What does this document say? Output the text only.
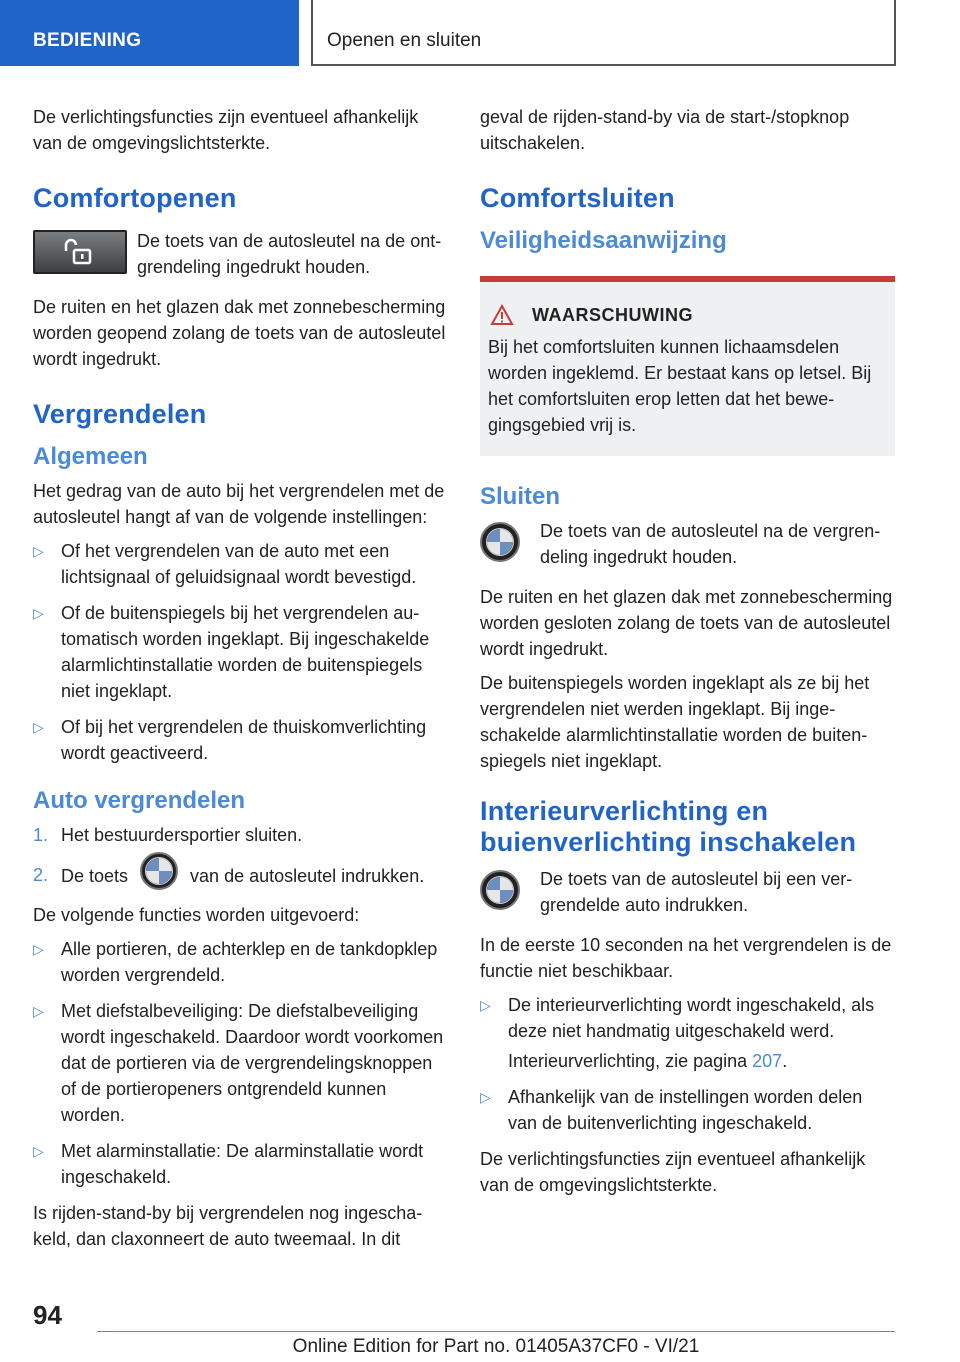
BEDIENING	Openen en sluiten

De verlichtingsfuncties zijn eventueel afhankelijk van de omgevingslichtsterkte.

Comfortopenen

De toets van de autosleutel na de ontgrendeling ingedrukt houden.

De ruiten en het glazen dak met zonnebescherming worden geopend zolang de toets van de autosleutel wordt ingedrukt.

Vergrendelen
Algemeen

Het gedrag van de auto bij het vergrendelen met de autosleutel hangt af van de volgende instellingen:

▷ Of het vergrendelen van de auto met een lichtsignaal of geluidsignaal wordt bevestigd.
▷ Of de buitenspiegels bij het vergrendelen automatisch worden ingeklapt. Bij ingeschakelde alarmlichtinstallatie worden de buitenspiegels niet ingeklapt.
▷ Of bij het vergrendelen de thuiskomverlichting wordt geactiveerd.
Auto vergrendelen
1. Het bestuurdersportier sluiten.
2. De toets	van de autosleutel indrukken.

De volgende functies worden uitgevoerd:

▷ Alle portieren, de achterklep en de tankdopklep worden vergrendeld.
▷ Met diefstalbeveiliging: De diefstalbeveiliging wordt ingeschakeld. Daardoor wordt voorkomen dat de portieren via de vergrendelingsknoppen of de portieropeners ontgrendeld kunnen worden.
▷ Met alarminstallatie: De alarminstallatie wordt ingeschakeld.

Is rijden-stand-by bij vergrendelen nog ingeschakeld, dan claxonneert de auto tweemaal. In dit

geval de rijden-stand-by via de start-/stopknop uitschakelen.

Comfortsluiten
Veiligheidsaanwijzing
WAARSCHUWING

Bij het comfortsluiten kunnen lichaamsdelen worden ingeklemd. Er bestaat kans op letsel. Bij het comfortsluiten erop letten dat het bewegingsgebied vrij is.

Sluiten

De toets van de autosleutel na de vergrendeling ingedrukt houden.

De ruiten en het glazen dak met zonnebescherming worden gesloten zolang de toets van de autosleutel wordt ingedrukt.

De buitenspiegels worden ingeklapt als ze bij het vergrendelen niet werden ingeklapt. Bij ingeschakelde alarmlichtinstallatie worden de buitenspiegels niet ingeklapt.

Interieurverlichting en buienverlichting inschakelen

De toets van de autosleutel bij een vergrendelde auto indrukken.

In de eerste 10 seconden na het vergrendelen is de functie niet beschikbaar.

▷ De interieurverlichting wordt ingeschakeld, als deze niet handmatig uitgeschakeld werd.

Interieurverlichting, zie pagina 207.

▷ Afhankelijk van de instellingen worden delen van de buitenverlichting ingeschakeld.

De verlichtingsfuncties zijn eventueel afhankelijk van de omgevingslichtsterkte.

94
Online Edition for Part no. 01405A37CF0 - VI/21
